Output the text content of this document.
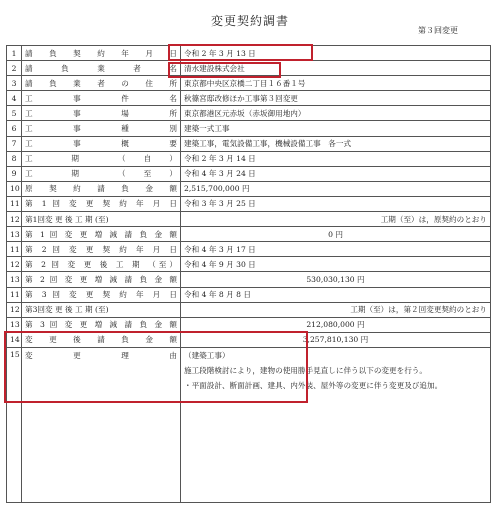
変更契約調書
第３回変更
1	請 負 契 約 年 月 日	令和 2 年 3 月 13 日
2	請 負 業 者 名	清水建設株式会社
3	請 負 業 者 の 住 所	東京都中央区京橋二丁目１６番１号
4	工 事 件 名	秋篠宮邸改修ほか工事第３回変更
5	工 事 場 所	東京都港区元赤坂（赤坂御用地内）
6	工 事 種 別	建築一式工事
7	工 事 概 要	建築工事，電気設備工事，機械設備工事　各一式
8	工 期 （自）	令和 2 年 3 月 14 日
9	工 期 （至）	令和 4 年 3 月 24 日
10	原 契 約 請 負 金 額	2,515,700,000 円
11	第 1 回 変 更 契 約 年 月 日	令和 3 年 3 月 25 日
12	第1回変 更 後 工 期 (至)	工期（至）は，原契約のとおり
13	第 1 回 変 更 増 減 請 負 金 額	0 円
11	第 2 回 変 更 契 約 年 月 日	令和 4 年 3 月 17 日
12	第 2 回 変 更 後 工 期 （至）	令和 4 年 9 月 30 日
13	第 2 回 変 更 増 減 請 負 金 額	530,030,130 円
11	第 3 回 変 更 契 約 年 月 日	令和 4 年 8 月 8 日
12	第3回変 更 後 工 期 (至)	工期（至）は，第２回変更契約のとおり
13	第 3 回 変 更 増 減 請 負 金 額	212,080,000 円
14	変 更 後 請 負 金 額	3,257,810,130 円
15	変 更 理 由	（建築工事）

施工段階検討により，建物の使用勝手見直しに伴う以下の変更を行う。

・平面設計、断面計画、建具、内外装、屋外等の変更に伴う変更及び追加。
